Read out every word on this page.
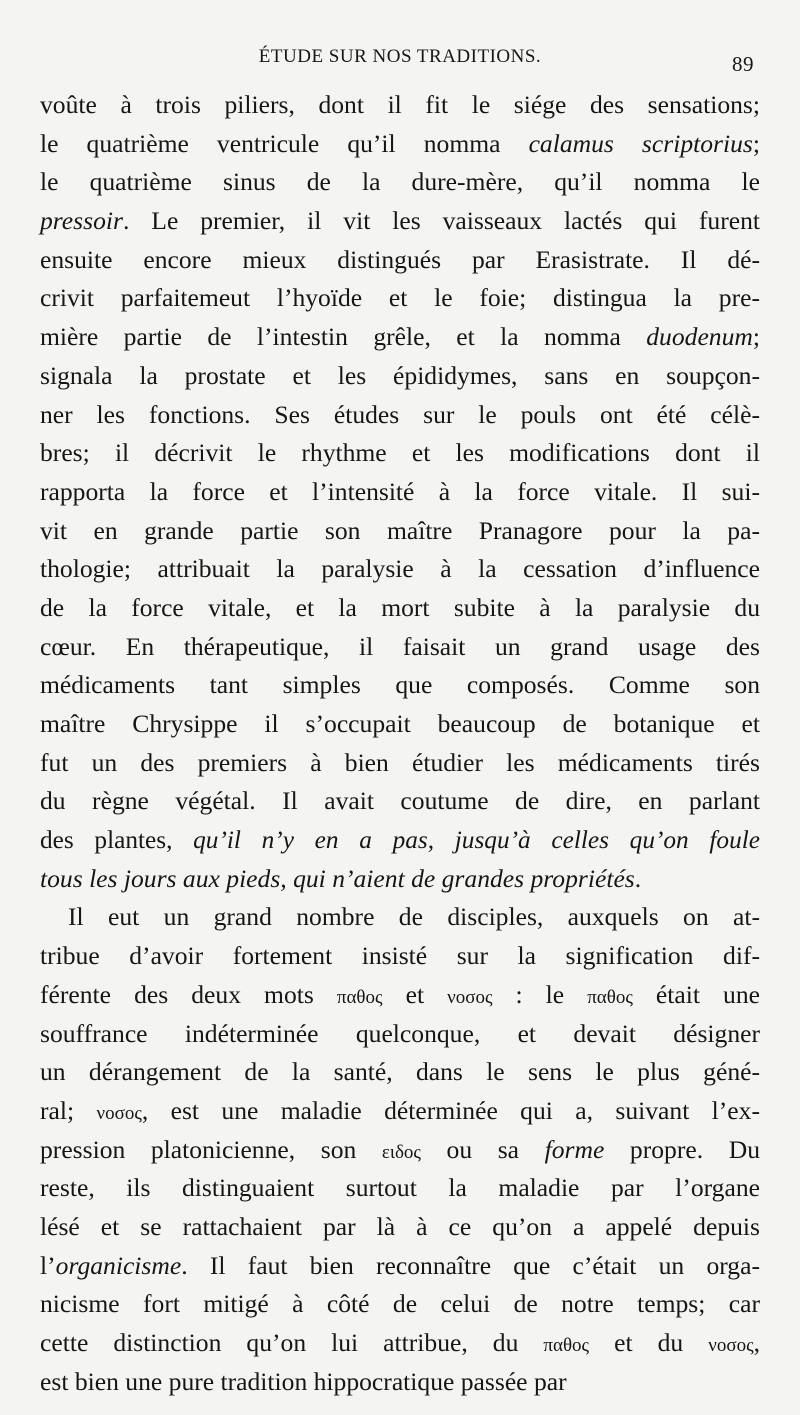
ÉTUDE SUR NOS TRADITIONS.	89
voûte à trois piliers, dont il fit le siége des sensations;
le quatrième ventricule qu’il nomma calamus scriptorius;
le quatrième sinus de la dure-mère, qu’il nomma le
pressoir. Le premier, il vit les vaisseaux lactés qui furent
ensuite encore mieux distingués par Erasistrate. Il dé-
crivit parfaitemeut l’hyoïde et le foie; distingua la pre-
mière partie de l’intestin grêle, et la nomma duodenum;
signala la prostate et les épididymes, sans en soupçon-
ner les fonctions. Ses études sur le pouls ont été célè-
bres; il décrivit le rhythme et les modifications dont il
rapporta la force et l’intensité à la force vitale. Il sui-
vit en grande partie son maître Pranagore pour la pa-
thologie; attribuait la paralysie à la cessation d’influence
de la force vitale, et la mort subite à la paralysie du
cœur. En thérapeutique, il faisait un grand usage des
médicaments tant simples que composés. Comme son
maître Chrysippe il s’occupait beaucoup de botanique et
fut un des premiers à bien étudier les médicaments tirés
du règne végétal. Il avait coutume de dire, en parlant
des plantes, qu’il n’y en a pas, jusqu’à celles qu’on foule
tous les jours aux pieds, qui n’aient de grandes propriétés.
Il eut un grand nombre de disciples, auxquels on at-
tribue d’avoir fortement insisté sur la signification dif-
férente des deux mots παθος et νοσος : le παθος était une
souffrance indéterminée quelconque, et devait désigner
un dérangement de la santé, dans le sens le plus géné-
ral; νοσος, est une maladie déterminée qui a, suivant l’ex-
pression platonicienne, son ειδος ou sa forme propre. Du
reste, ils distinguaient surtout la maladie par l’organe
lésé et se rattachaient par là à ce qu’on a appelé depuis
l’organicisme. Il faut bien reconnaître que c’était un orga-
nicisme fort mitigé à côté de celui de notre temps; car
cette distinction qu’on lui attribue, du παθος et du νοσος,
est bien une pure tradition hippocratique passée par
